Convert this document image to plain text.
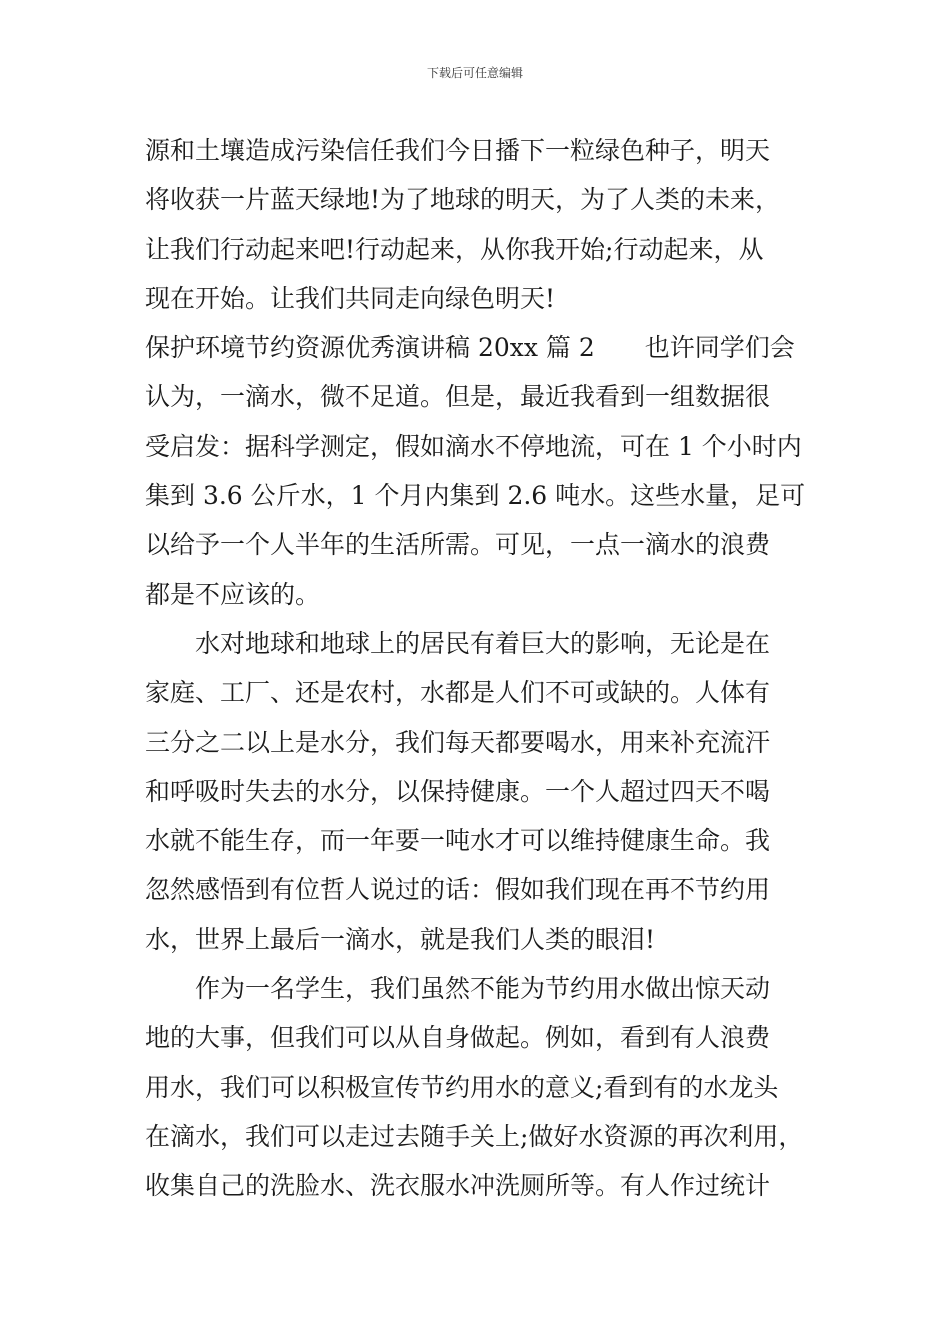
下载后可任意编辑
源和土壤造成污染信任我们今日播下一粒绿色种子，明天
将收获一片蓝天绿地!为了地球的明天，为了人类的未来，
让我们行动起来吧!行动起来，从你我开始;行动起来，从
现在开始。让我们共同走向绿色明天!
保护环境节约资源优秀演讲稿 20xx 篇 2　　也许同学们会
认为，一滴水，微不足道。但是，最近我看到一组数据很
受启发：据科学测定，假如滴水不停地流，可在 1 个小时内
集到 3.6 公斤水，1 个月内集到 2.6 吨水。这些水量，足可
以给予一个人半年的生活所需。可见，一点一滴水的浪费
都是不应该的。
　　水对地球和地球上的居民有着巨大的影响，无论是在
家庭、工厂、还是农村，水都是人们不可或缺的。人体有
三分之二以上是水分，我们每天都要喝水，用来补充流汗
和呼吸时失去的水分，以保持健康。一个人超过四天不喝
水就不能生存，而一年要一吨水才可以维持健康生命。我
忽然感悟到有位哲人说过的话：假如我们现在再不节约用
水，世界上最后一滴水，就是我们人类的眼泪!
　　作为一名学生，我们虽然不能为节约用水做出惊天动
地的大事，但我们可以从自身做起。例如，看到有人浪费
用水，我们可以积极宣传节约用水的意义;看到有的水龙头
在滴水，我们可以走过去随手关上;做好水资源的再次利用，
收集自己的洗脸水、洗衣服水冲洗厕所等。有人作过统计
